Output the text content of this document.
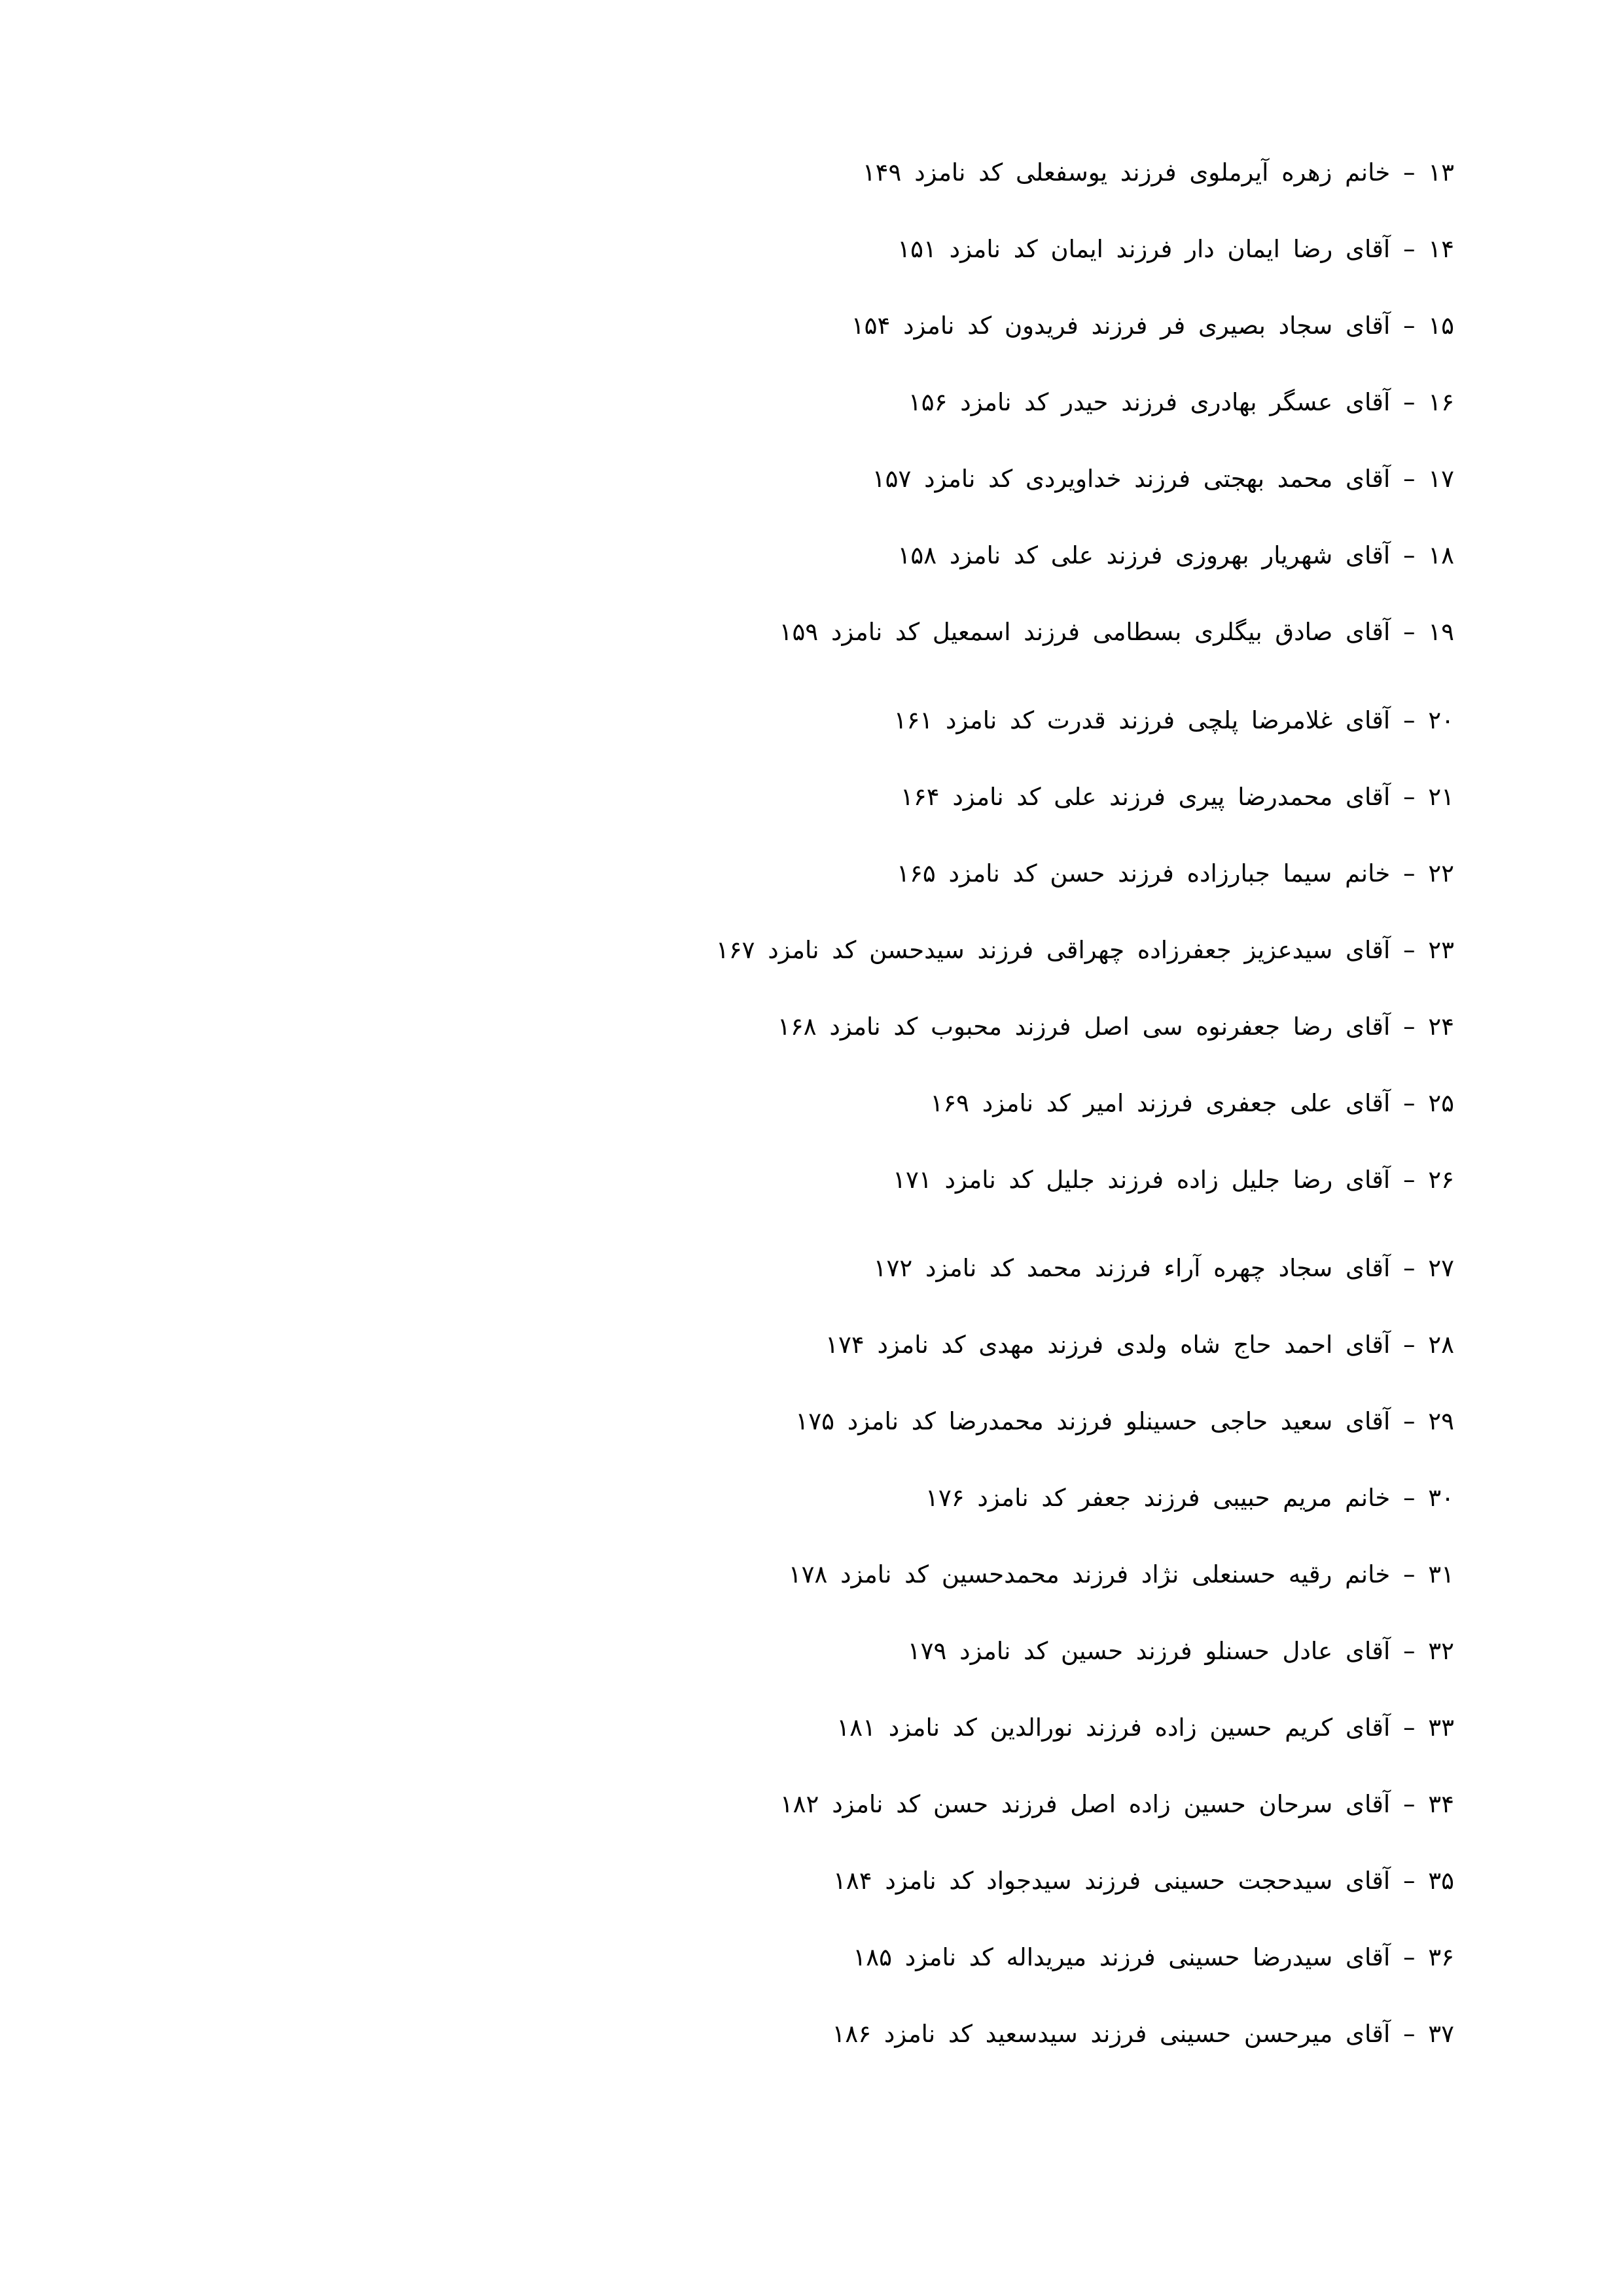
۱۳ – خانم زهره آیرملوی فرزند یوسفعلی کد نامزد ۱۴۹
۱۴ – آقای رضا ایمان دار فرزند ایمان کد نامزد ۱۵۱
۱۵ – آقای سجاد بصیری فر فرزند فریدون کد نامزد ۱۵۴
۱۶ – آقای عسگر بهادری فرزند حیدر کد نامزد ۱۵۶
۱۷ – آقای محمد بهجتی فرزند خداویردی کد نامزد ۱۵۷
۱۸ – آقای شهریار بهروزی فرزند علی کد نامزد ۱۵۸
۱۹ – آقای صادق بیگلری بسطامی فرزند اسمعیل کد نامزد ۱۵۹
۲۰ – آقای غلامرضا پلچی فرزند قدرت کد نامزد ۱۶۱
۲۱ – آقای محمدرضا پیری فرزند علی کد نامزد ۱۶۴
۲۲ – خانم سیما جبارزاده فرزند حسن کد نامزد ۱۶۵
۲۳ – آقای سیدعزیز جعفرزاده چهراقی فرزند سیدحسن کد نامزد ۱۶۷
۲۴ – آقای رضا جعفرنوه سی اصل فرزند محبوب کد نامزد ۱۶۸
۲۵ – آقای علی جعفری فرزند امیر کد نامزد ۱۶۹
۲۶ – آقای رضا جلیل زاده فرزند جلیل کد نامزد ۱۷۱
۲۷ – آقای سجاد چهره آراء فرزند محمد کد نامزد ۱۷۲
۲۸ – آقای احمد حاج شاه ولدی فرزند مهدی کد نامزد ۱۷۴
۲۹ – آقای سعید حاجی حسینلو فرزند محمدرضا کد نامزد ۱۷۵
۳۰ – خانم مریم حبیبی فرزند جعفر کد نامزد ۱۷۶
۳۱ – خانم رقیه حسنعلی نژاد فرزند محمدحسین کد نامزد ۱۷۸
۳۲ – آقای عادل حسنلو فرزند حسین کد نامزد ۱۷۹
۳۳ – آقای کریم حسین زاده فرزند نورالدین کد نامزد ۱۸۱
۳۴ – آقای سرحان حسین زاده اصل فرزند حسن کد نامزد ۱۸۲
۳۵ – آقای سیدحجت حسینی فرزند سیدجواد کد نامزد ۱۸۴
۳۶ – آقای سیدرضا حسینی فرزند میریداله کد نامزد ۱۸۵
۳۷ – آقای میرحسن حسینی فرزند سیدسعید کد نامزد ۱۸۶
